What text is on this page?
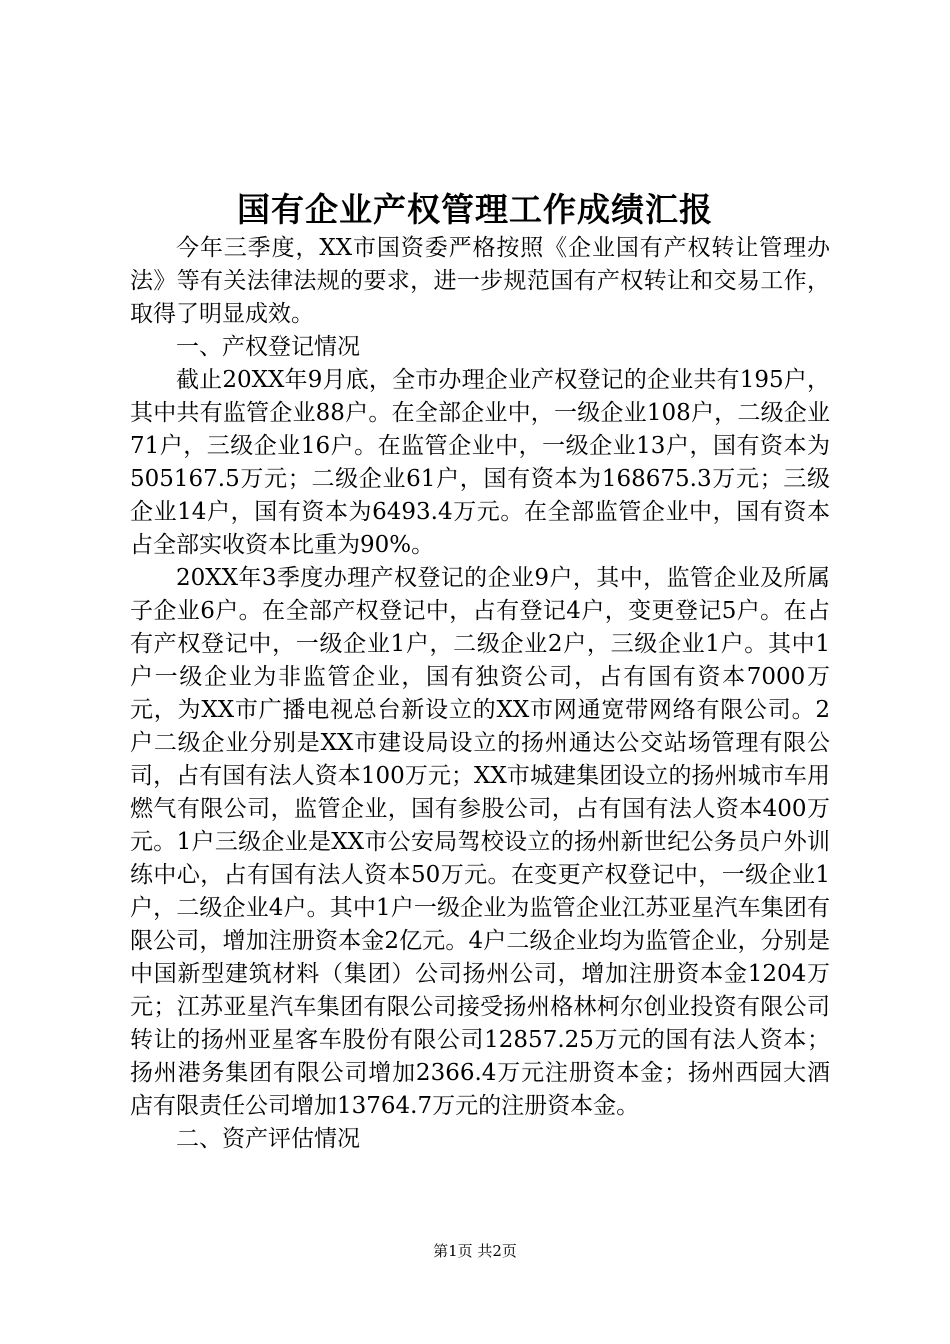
国有企业产权管理工作成绩汇报

今年三季度，XX市国资委严格按照《企业国有产权转让管理办法》等有关法律法规的要求，进一步规范国有产权转让和交易工作，取得了明显成效。

一、产权登记情况

截止20XX年9月底，全市办理企业产权登记的企业共有195户，其中共有监管企业88户。在全部企业中，一级企业108户，二级企业71户，三级企业16户。在监管企业中，一级企业13户，国有资本为505167.5万元；二级企业61户，国有资本为168675.3万元；三级企业14户，国有资本为6493.4万元。在全部监管企业中，国有资本占全部实收资本比重为90%。

20XX年3季度办理产权登记的企业9户，其中，监管企业及所属子企业6户。在全部产权登记中，占有登记4户，变更登记5户。在占有产权登记中，一级企业1户，二级企业2户，三级企业1户。其中1户一级企业为非监管企业，国有独资公司，占有国有资本7000万元，为XX市广播电视总台新设立的XX市网通宽带网络有限公司。2户二级企业分别是XX市建设局设立的扬州通达公交站场管理有限公司，占有国有法人资本100万元；XX市城建集团设立的扬州城市车用燃气有限公司，监管企业，国有参股公司，占有国有法人资本400万元。1户三级企业是XX市公安局驾校设立的扬州新世纪公务员户外训练中心，占有国有法人资本50万元。在变更产权登记中，一级企业1户，二级企业4户。其中1户一级企业为监管企业江苏亚星汽车集团有限公司，增加注册资本金2亿元。4户二级企业均为监管企业，分别是中国新型建筑材料（集团）公司扬州公司，增加注册资本金1204万元；江苏亚星汽车集团有限公司接受扬州格林柯尔创业投资有限公司转让的扬州亚星客车股份有限公司12857.25万元的国有法人资本；扬州港务集团有限公司增加2366.4万元注册资本金；扬州西园大酒店有限责任公司增加13764.7万元的注册资本金。

二、资产评估情况

第1页 共2页
